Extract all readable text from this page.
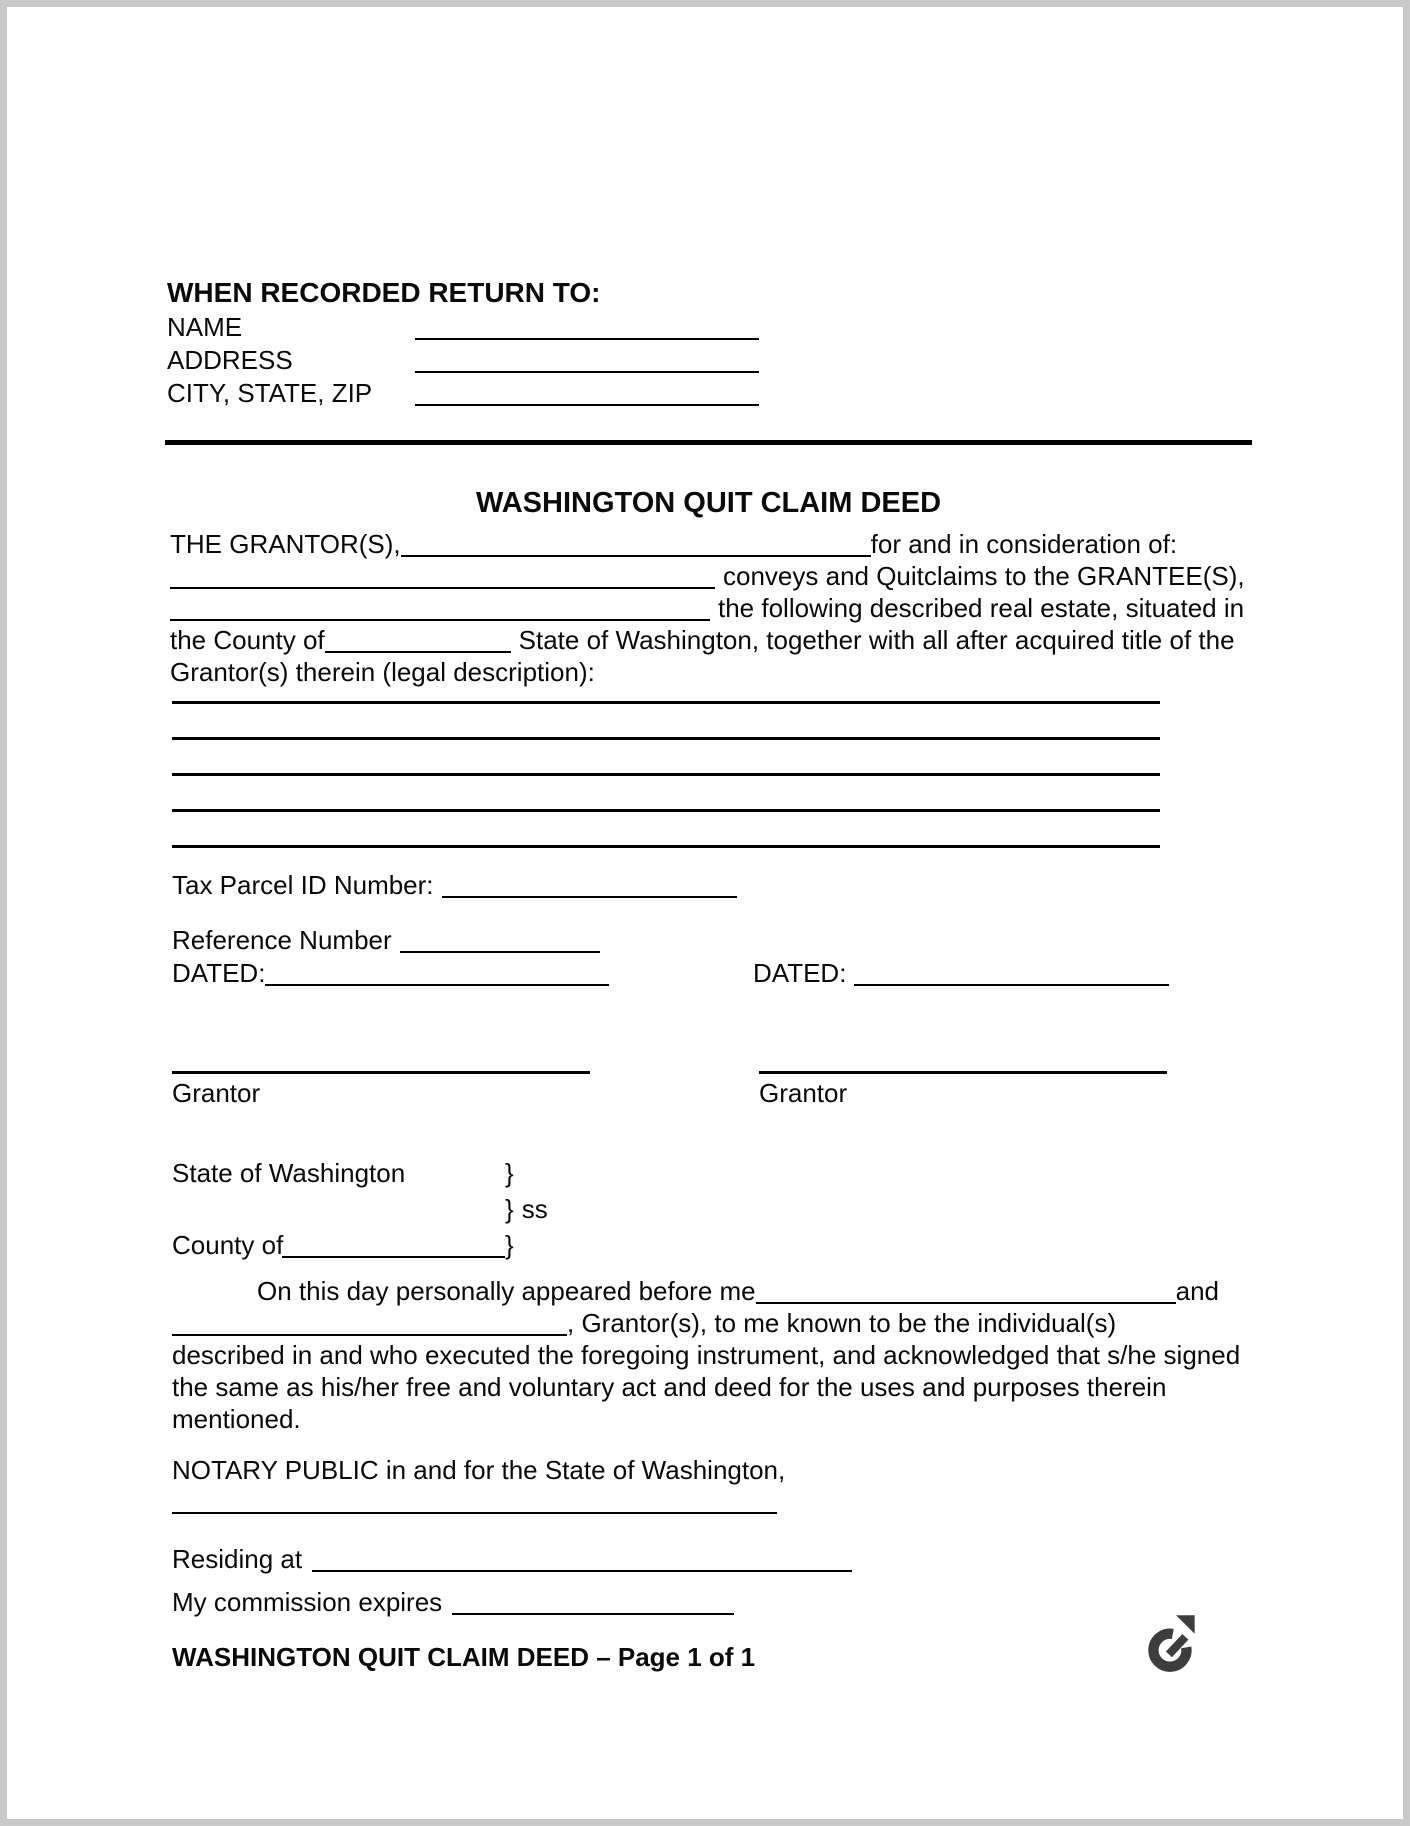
WHEN RECORDED RETURN TO:
NAME
ADDRESS
CITY, STATE, ZIP
WASHINGTON QUIT CLAIM DEED
THE GRANTOR(S),	for and in consideration of:
conveys and Quitclaims to the GRANTEE(S),
the following described real estate, situated in
the County of	State of Washington, together with all after acquired title of the
Grantor(s) therein (legal description):
Tax Parcel ID Number:
Reference Number
DATED:	DATED:
Grantor	Grantor
State of Washington	}
} ss
County of	}
On this day personally appeared before me	and
, Grantor(s), to me known to be the individual(s)
described in and who executed the foregoing instrument, and acknowledged that s/he signed
the same as his/her free and voluntary act and deed for the uses and purposes therein
mentioned.
NOTARY PUBLIC in and for the State of Washington,
Residing at
My commission expires
WASHINGTON QUIT CLAIM DEED – Page 1 of 1
